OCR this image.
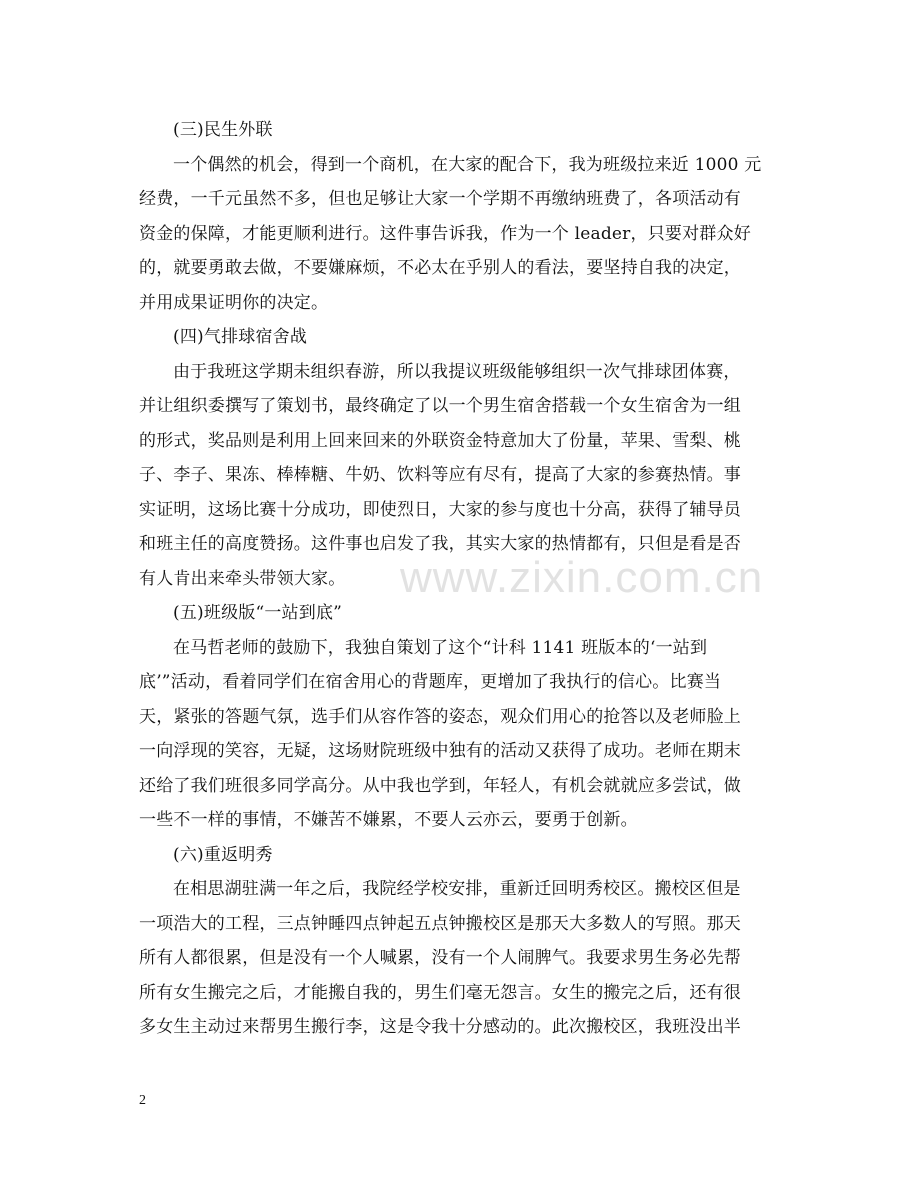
(三)民生外联
一个偶然的机会，得到一个商机，在大家的配合下，我为班级拉来近 1000 元
经费，一千元虽然不多，但也足够让大家一个学期不再缴纳班费了，各项活动有
资金的保障，才能更顺利进行。这件事告诉我，作为一个 leader，只要对群众好
的，就要勇敢去做，不要嫌麻烦，不必太在乎别人的看法，要坚持自我的决定，
并用成果证明你的决定。
(四)气排球宿舍战
由于我班这学期未组织春游，所以我提议班级能够组织一次气排球团体赛，
并让组织委撰写了策划书，最终确定了以一个男生宿舍搭载一个女生宿舍为一组
的形式，奖品则是利用上回来回来的外联资金特意加大了份量，苹果、雪梨、桃
子、李子、果冻、棒棒糖、牛奶、饮料等应有尽有，提高了大家的参赛热情。事
实证明，这场比赛十分成功，即使烈日，大家的参与度也十分高，获得了辅导员
和班主任的高度赞扬。这件事也启发了我，其实大家的热情都有，只但是看是否
有人肯出来牵头带领大家。
(五)班级版“一站到底”
在马哲老师的鼓励下，我独自策划了这个“计科 1141 班版本的‘一站到
底’”活动，看着同学们在宿舍用心的背题库，更增加了我执行的信心。比赛当
天，紧张的答题气氛，选手们从容作答的姿态，观众们用心的抢答以及老师脸上
一向浮现的笑容，无疑，这场财院班级中独有的活动又获得了成功。老师在期末
还给了我们班很多同学高分。从中我也学到，年轻人，有机会就就应多尝试，做
一些不一样的事情，不嫌苦不嫌累，不要人云亦云，要勇于创新。
(六)重返明秀
在相思湖驻满一年之后，我院经学校安排，重新迁回明秀校区。搬校区但是
一项浩大的工程，三点钟睡四点钟起五点钟搬校区是那天大多数人的写照。那天
所有人都很累，但是没有一个人喊累，没有一个人闹脾气。我要求男生务必先帮
所有女生搬完之后，才能搬自我的，男生们毫无怨言。女生的搬完之后，还有很
多女生主动过来帮男生搬行李，这是令我十分感动的。此次搬校区，我班没出半
www.zixin.com.cn
2
